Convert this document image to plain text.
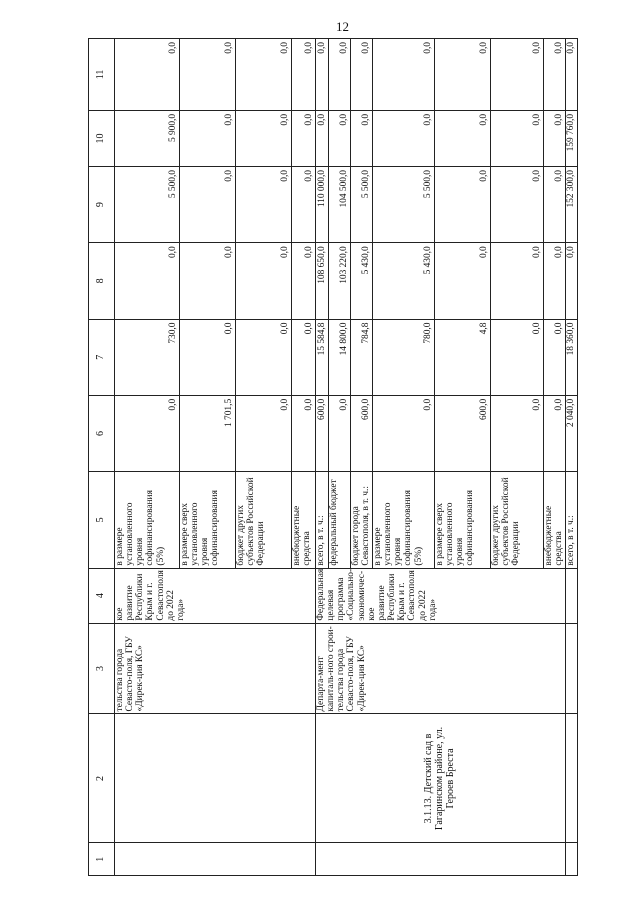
12
1	2	3	4	5	6	7	8	9	10	11
		тельства города Севасто-поля, ГБУ «Дирек-ция КС»	кое развитие Республики Крым и г. Севастополя до 2022 года»	в размере установленного уровня софинансирования (5%)	0,0	730,0	0,0	5 500,0	5 900,0	0,0
				в размере сверх установленного уровня софинансирования	1 701,5	0,0	0,0	0,0	0,0	0,0
				бюджет других субъектов Российской Федерации	0,0	0,0	0,0	0,0	0,0	0,0
				внебюджетные средства	0,0	0,0	0,0	0,0	0,0	0,0
	3.1.13. Детский сад в Гагаринском районе, ул. Героев Бреста	Департа-мент капиталь-ного строи-тельства города Севасто-поля, ГБУ «Дирек-ция КС»	Федеральная целевая программа «Социально-экономичес-кое развитие Республики Крым и г. Севастополя до 2022 года»	всего, в т. ч.:	600,0	15 584,8	108 650,0	110 000,0	0,0	0,0
				федеральный бюджет	0,0	14 800,0	103 220,0	104 500,0	0,0	0,0
				бюджет города Севастополя, в т. ч.:	600,0	784,8	5 430,0	5 500,0	0,0	0,0
				в размере установленного уровня софинансирования (5%)	0,0	780,0	5 430,0	5 500,0	0,0	0,0
				в размере сверх установленного уровня софинансирования	600,0	4,8	0,0	0,0	0,0	0,0
				бюджет других субъектов Российской Федерации	0,0	0,0	0,0	0,0	0,0	0,0
				внебюджетные средства	0,0	0,0	0,0	0,0	0,0	0,0
				всего, в т. ч.:	2 040,0	18 360,0	0,0	152 300,0	159 760,0	0,0
